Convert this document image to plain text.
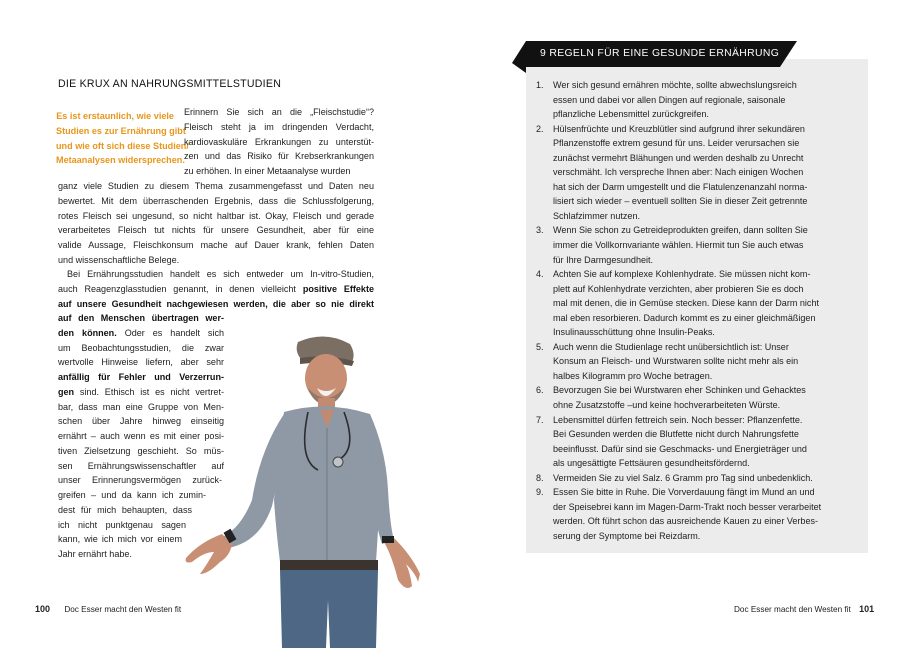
DIE KRUX AN NAHRUNGSMITTELSTUDIEN
Es ist erstaunlich, wie viele
Studien es zur Ernährung gibt
und wie oft sich diese Studien/
Metaanalysen widersprechen.
Erinnern Sie sich an die „Fleischstudie“?
Fleisch steht ja im dringenden Verdacht,
kardiovaskuläre Erkrankungen zu unterstüt-
zen und das Risiko für Krebserkrankungen
zu erhöhen. In einer Metaanalyse wurden
ganz viele Studien zu diesem Thema zusammengefasst und Daten neu
bewertet. Mit dem überraschenden Ergebnis, dass die Schlussfolgerung,
rotes Fleisch sei ungesund, so nicht haltbar ist. Okay, Fleisch und gerade
verarbeitetes Fleisch tut nichts für unsere Gesundheit, aber für eine
valide Aussage, Fleischkonsum mache auf Dauer krank, fehlen Daten
und wissenschaftliche Belege.
Bei Ernährungsstudien handelt es sich entweder um In-vitro-Studien,
auch Reagenzglasstudien genannt, in denen vielleicht positive Effekte
auf unsere Gesundheit nachgewiesen werden, die aber so nie direkt
auf den Menschen übertragen wer-
den können. Oder es handelt sich
um Beobachtungsstudien, die zwar
wertvolle Hinweise liefern, aber sehr
anfällig für Fehler und Verzerrun-
gen sind. Ethisch ist es nicht vertret-
bar, dass man eine Gruppe von Men-
schen über Jahre hinweg einseitig
ernährt – auch wenn es mit einer posi-
tiven Zielsetzung geschieht. So müs-
sen Ernährungswissenschaftler auf
unser Erinnerungsvermögen zurück-
greifen – und da kann ich zumin-
dest für mich behaupten, dass
ich nicht punktgenau sagen
kann, wie ich mich vor einem
Jahr ernährt habe.
100 Doc Esser macht den Westen fit
9 REGELN FÜR EINE GESUNDE ERNÄHRUNG
1. Wer sich gesund ernähren möchte, sollte abwechslungsreich
essen und dabei vor allen Dingen auf regionale, saisonale
pflanzliche Lebensmittel zurückgreifen.
2. Hülsenfrüchte und Kreuzblütler sind aufgrund ihrer sekundären
Pflanzenstoffe extrem gesund für uns. Leider verursachen sie
zunächst vermehrt Blähungen und werden deshalb zu Unrecht
verschmäht. Ich verspreche Ihnen aber: Nach einigen Wochen
hat sich der Darm umgestellt und die Flatulenzenanzahl norma-
lisiert sich wieder – eventuell sollten Sie in dieser Zeit getrennte
Schlafzimmer nutzen.
3. Wenn Sie schon zu Getreideprodukten greifen, dann sollten Sie
immer die Vollkornvariante wählen. Hiermit tun Sie auch etwas
für Ihre Darmgesundheit.
4. Achten Sie auf komplexe Kohlenhydrate. Sie müssen nicht kom-
plett auf Kohlenhydrate verzichten, aber probieren Sie es doch
mal mit denen, die in Gemüse stecken. Diese kann der Darm nicht
mal eben resorbieren. Dadurch kommt es zu einer gleichmäßigen
Insulinausschüttung ohne Insulin-Peaks.
5. Auch wenn die Studienlage recht unübersichtlich ist: Unser
Konsum an Fleisch- und Wurstwaren sollte nicht mehr als ein
halbes Kilogramm pro Woche betragen.
6. Bevorzugen Sie bei Wurstwaren eher Schinken und Gehacktes
ohne Zusatzstoffe –und keine hochverarbeiteten Würste.
7. Lebensmittel dürfen fettreich sein. Noch besser: Pflanzenfette.
Bei Gesunden werden die Blutfette nicht durch Nahrungsfette
beeinflusst. Dafür sind sie Geschmacks- und Energieträger und
als ungesättigte Fettsäuren gesundheitsfördernd.
8. Vermeiden Sie zu viel Salz. 6 Gramm pro Tag sind unbedenklich.
9. Essen Sie bitte in Ruhe. Die Vorverdauung fängt im Mund an und
der Speisebrei kann im Magen-Darm-Trakt noch besser verarbeitet
werden. Oft führt schon das ausreichende Kauen zu einer Verbes-
serung der Symptome bei Reizdarm.
Doc Esser macht den Westen fit 101
